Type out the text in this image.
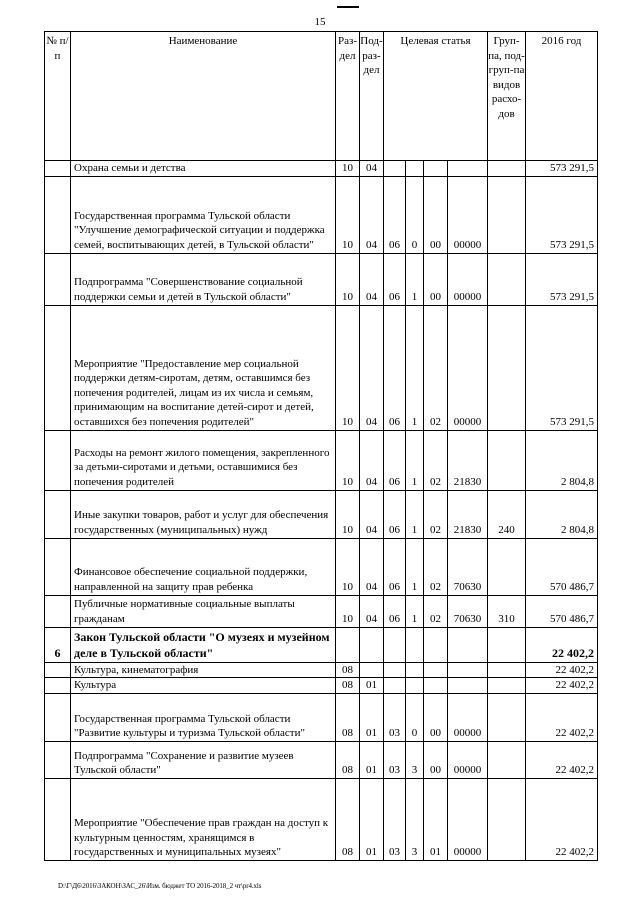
15
№ п/п	Наименование	Раз-дел	Под-раз-дел	Целевая статья				Груп-па, под-груп-па видов расхо-дов	2016 год
	Охрана семьи и детства	10	04						573 291,5
	Государственная программа Тульской области "Улучшение демографической ситуации и поддержка семей, воспитывающих детей, в Тульской области"	10	04	06	0	00	00000		573 291,5
	Подпрограмма "Совершенствование социальной поддержки семьи и детей в Тульской области"	10	04	06	1	00	00000		573 291,5
	Мероприятие "Предоставление мер социальной поддержки детям-сиротам, детям, оставшимся без попечения родителей, лицам из их числа и семьям, принимающим на воспитание детей-сирот и детей, оставшихся без попечения родителей"	10	04	06	1	02	00000		573 291,5
	Расходы на ремонт жилого помещения, закрепленного за детьми-сиротами и детьми, оставшимися без попечения родителей	10	04	06	1	02	21830		2 804,8
	Иные закупки товаров, работ и услуг для обеспечения государственных (муниципальных) нужд	10	04	06	1	02	21830	240	2 804,8
	Финансовое обеспечение социальной поддержки, направленной на защиту прав ребенка	10	04	06	1	02	70630		570 486,7
	Публичные нормативные социальные выплаты гражданам	10	04	06	1	02	70630	310	570 486,7
6	Закон Тульской области "О музеях и музейном деле в Тульской области"								22 402,2
	Культура, кинематография	08							22 402,2
	Культура	08	01						22 402,2
	Государственная программа Тульской области "Развитие культуры и туризма Тульской области"	08	01	03	0	00	00000		22 402,2
	Подпрограмма "Сохранение и развитие музеев Тульской области"	08	01	03	3	00	00000		22 402,2
	Мероприятие "Обеспечение прав граждан на доступ к культурным ценностям, хранящимся в государственных и муниципальных музеях"	08	01	03	3	01	00000		22 402,2
D:\Г\Д6\2016\ЗАКОН\ЗАС_26\Изм. бюджет ТО 2016-2018_2 чт\pr4.xls
